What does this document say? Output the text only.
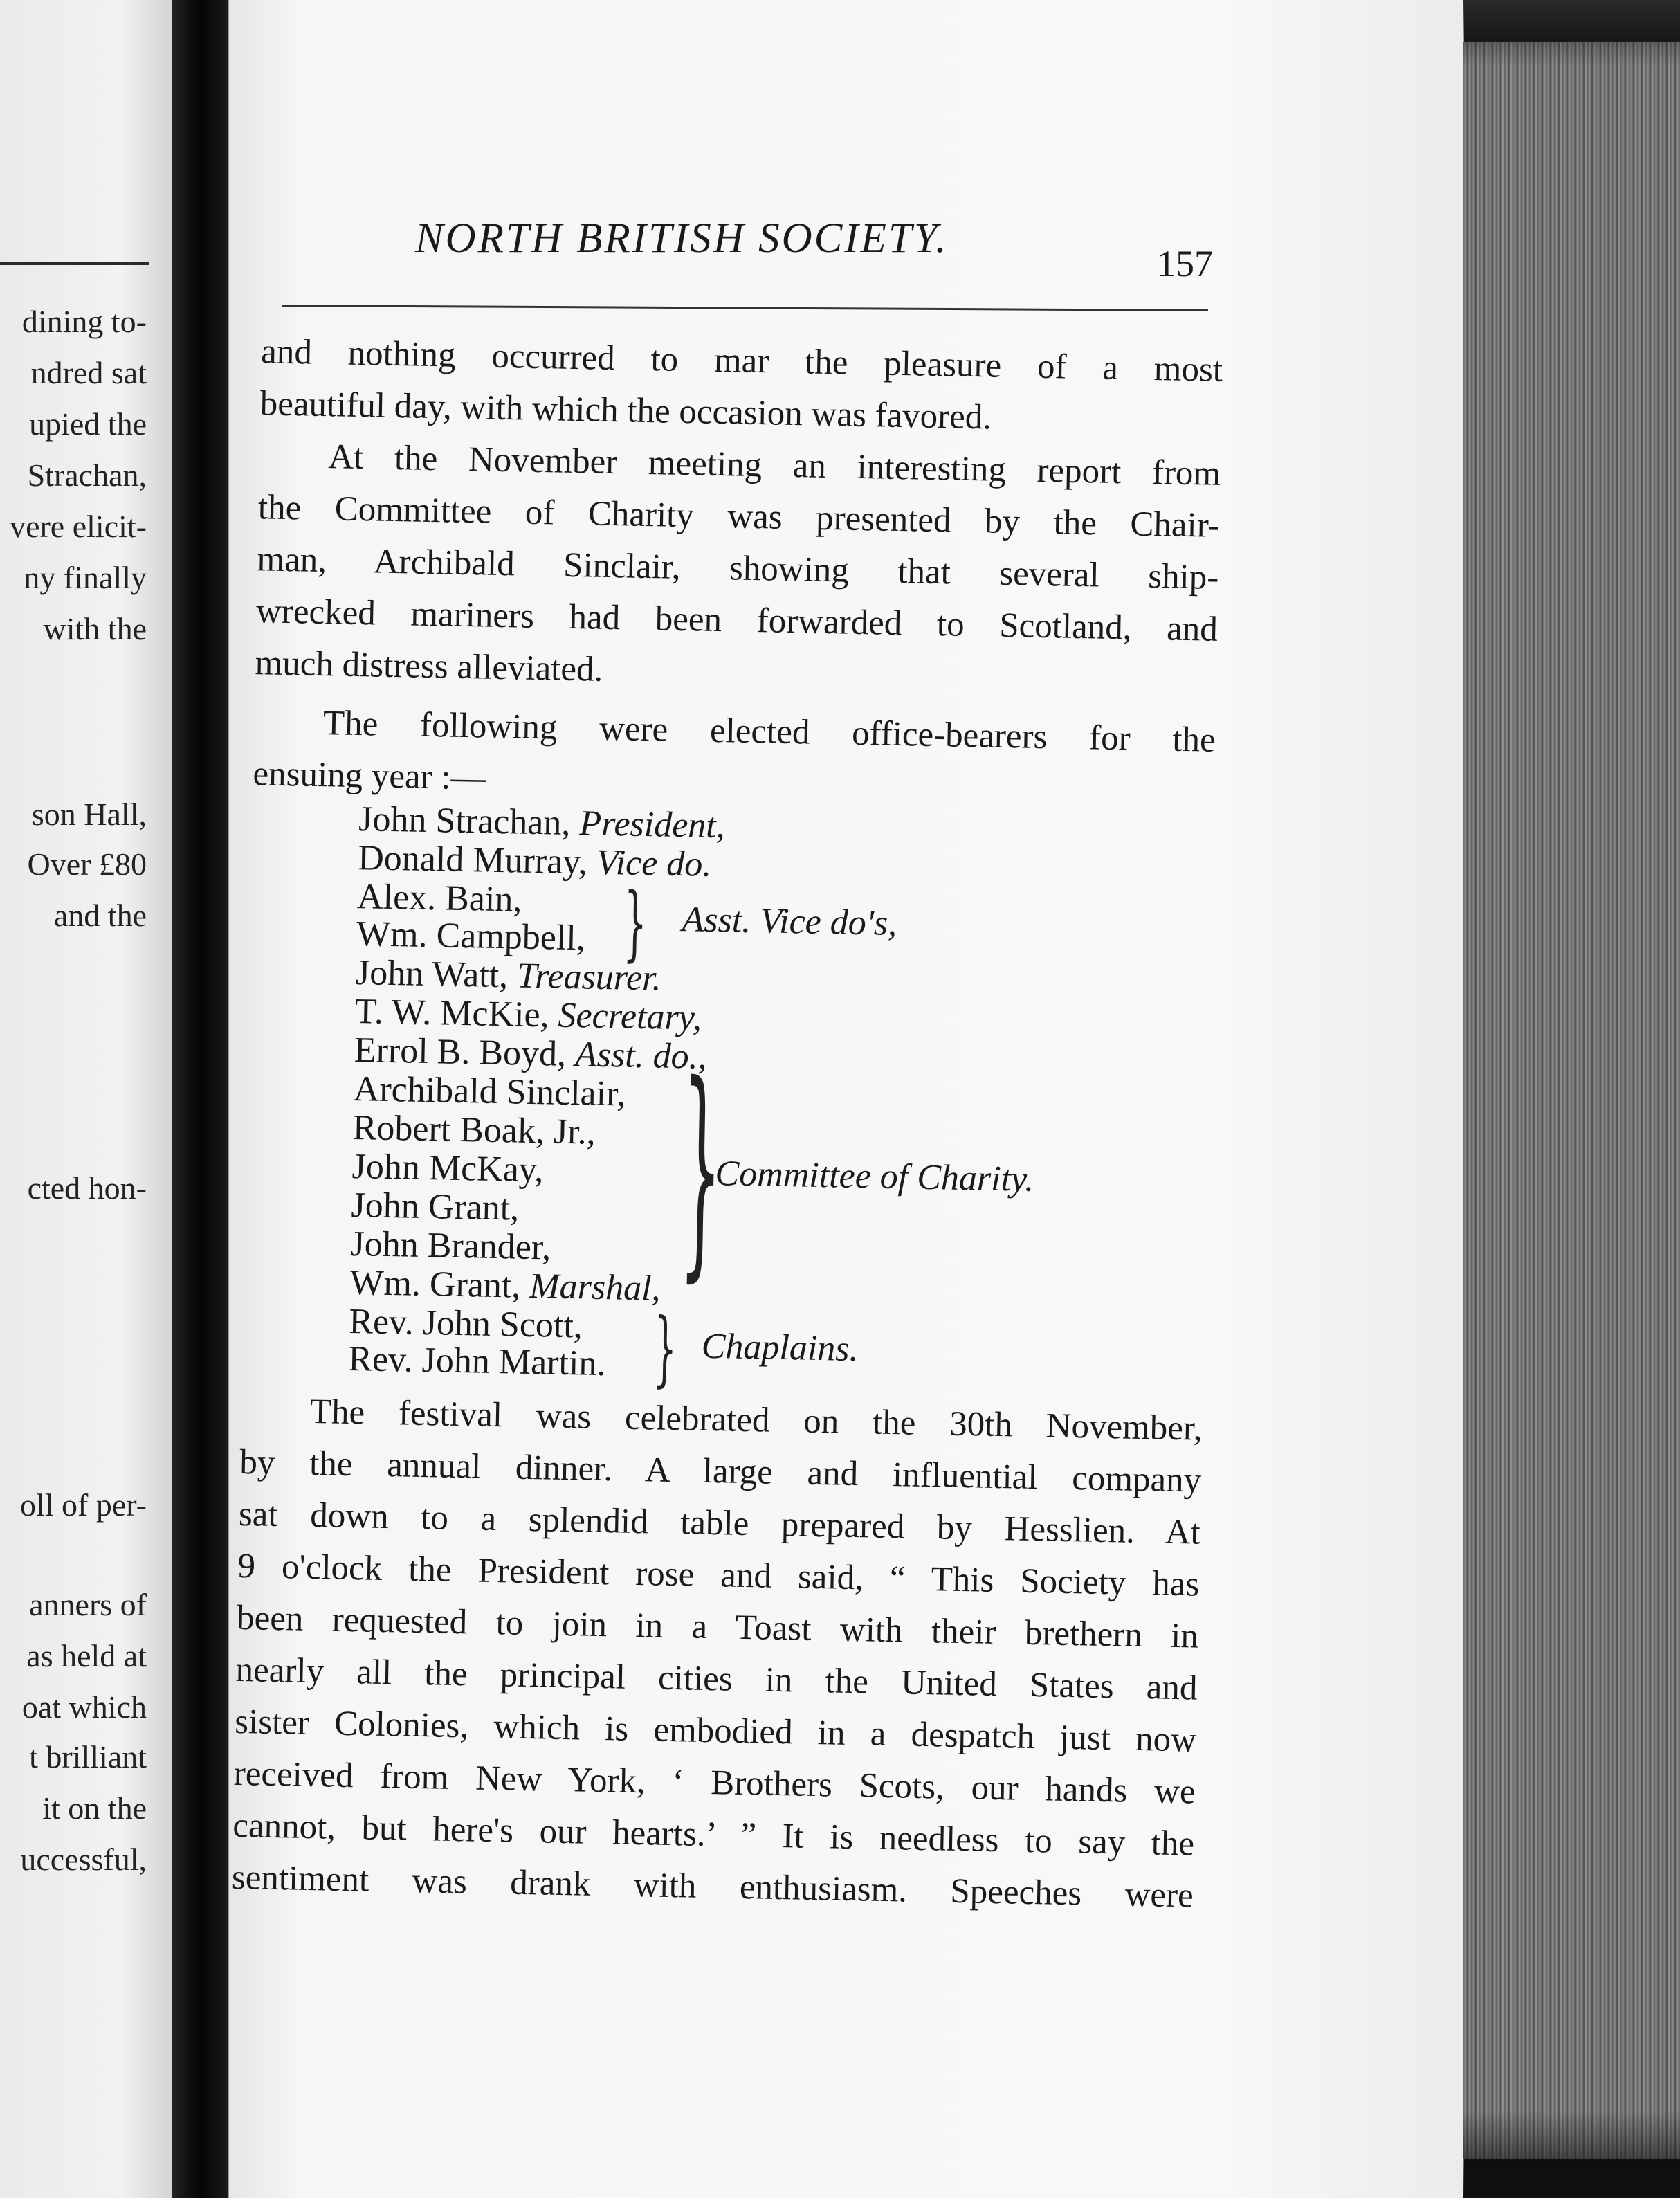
dining to-
ndred sat
upied the
Strachan,
vere elicit-
ny finally
with the
son Hall,
Over £80
and the
cted hon-
oll of per-
anners of
as held at
oat which
t brilliant
it on the
uccessful,
NORTH BRITISH SOCIETY.
157
and nothing occurred to mar the pleasure of a most
beautiful day, with which the occasion was favored.
At the November meeting an interesting report from
the Committee of Charity was presented by the Chair-
man, Archibald Sinclair, showing that several ship-
wrecked mariners had been forwarded to Scotland, and
much distress alleviated.
The following were elected office-bearers for the
ensuing year :—
John Strachan, President,
Donald Murray, Vice do.
Alex. Bain,
Wm. Campbell, } Asst. Vice do's,
John Watt, Treasurer.
T. W. McKie, Secretary,
Errol B. Boyd, Asst. do.,
Archibald Sinclair,
Robert Boak, Jr.,
John McKay,
John Grant,
John Brander, }
Committee of Charity.
Wm. Grant, Marshal,
Rev. John Scott,
Rev. John Martin. } Chaplains.
The festival was celebrated on the 30th November,
by the annual dinner. A large and influential company
sat down to a splendid table prepared by Hesslien. At
9 o'clock the President rose and said, “ This Society has
been requested to join in a Toast with their brethern in
nearly all the principal cities in the United States and
sister Colonies, which is embodied in a despatch just now
received from New York, ‘ Brothers Scots, our hands we
cannot, but here's our hearts.’ ” It is needless to say the
sentiment was drank with enthusiasm. Speeches were
